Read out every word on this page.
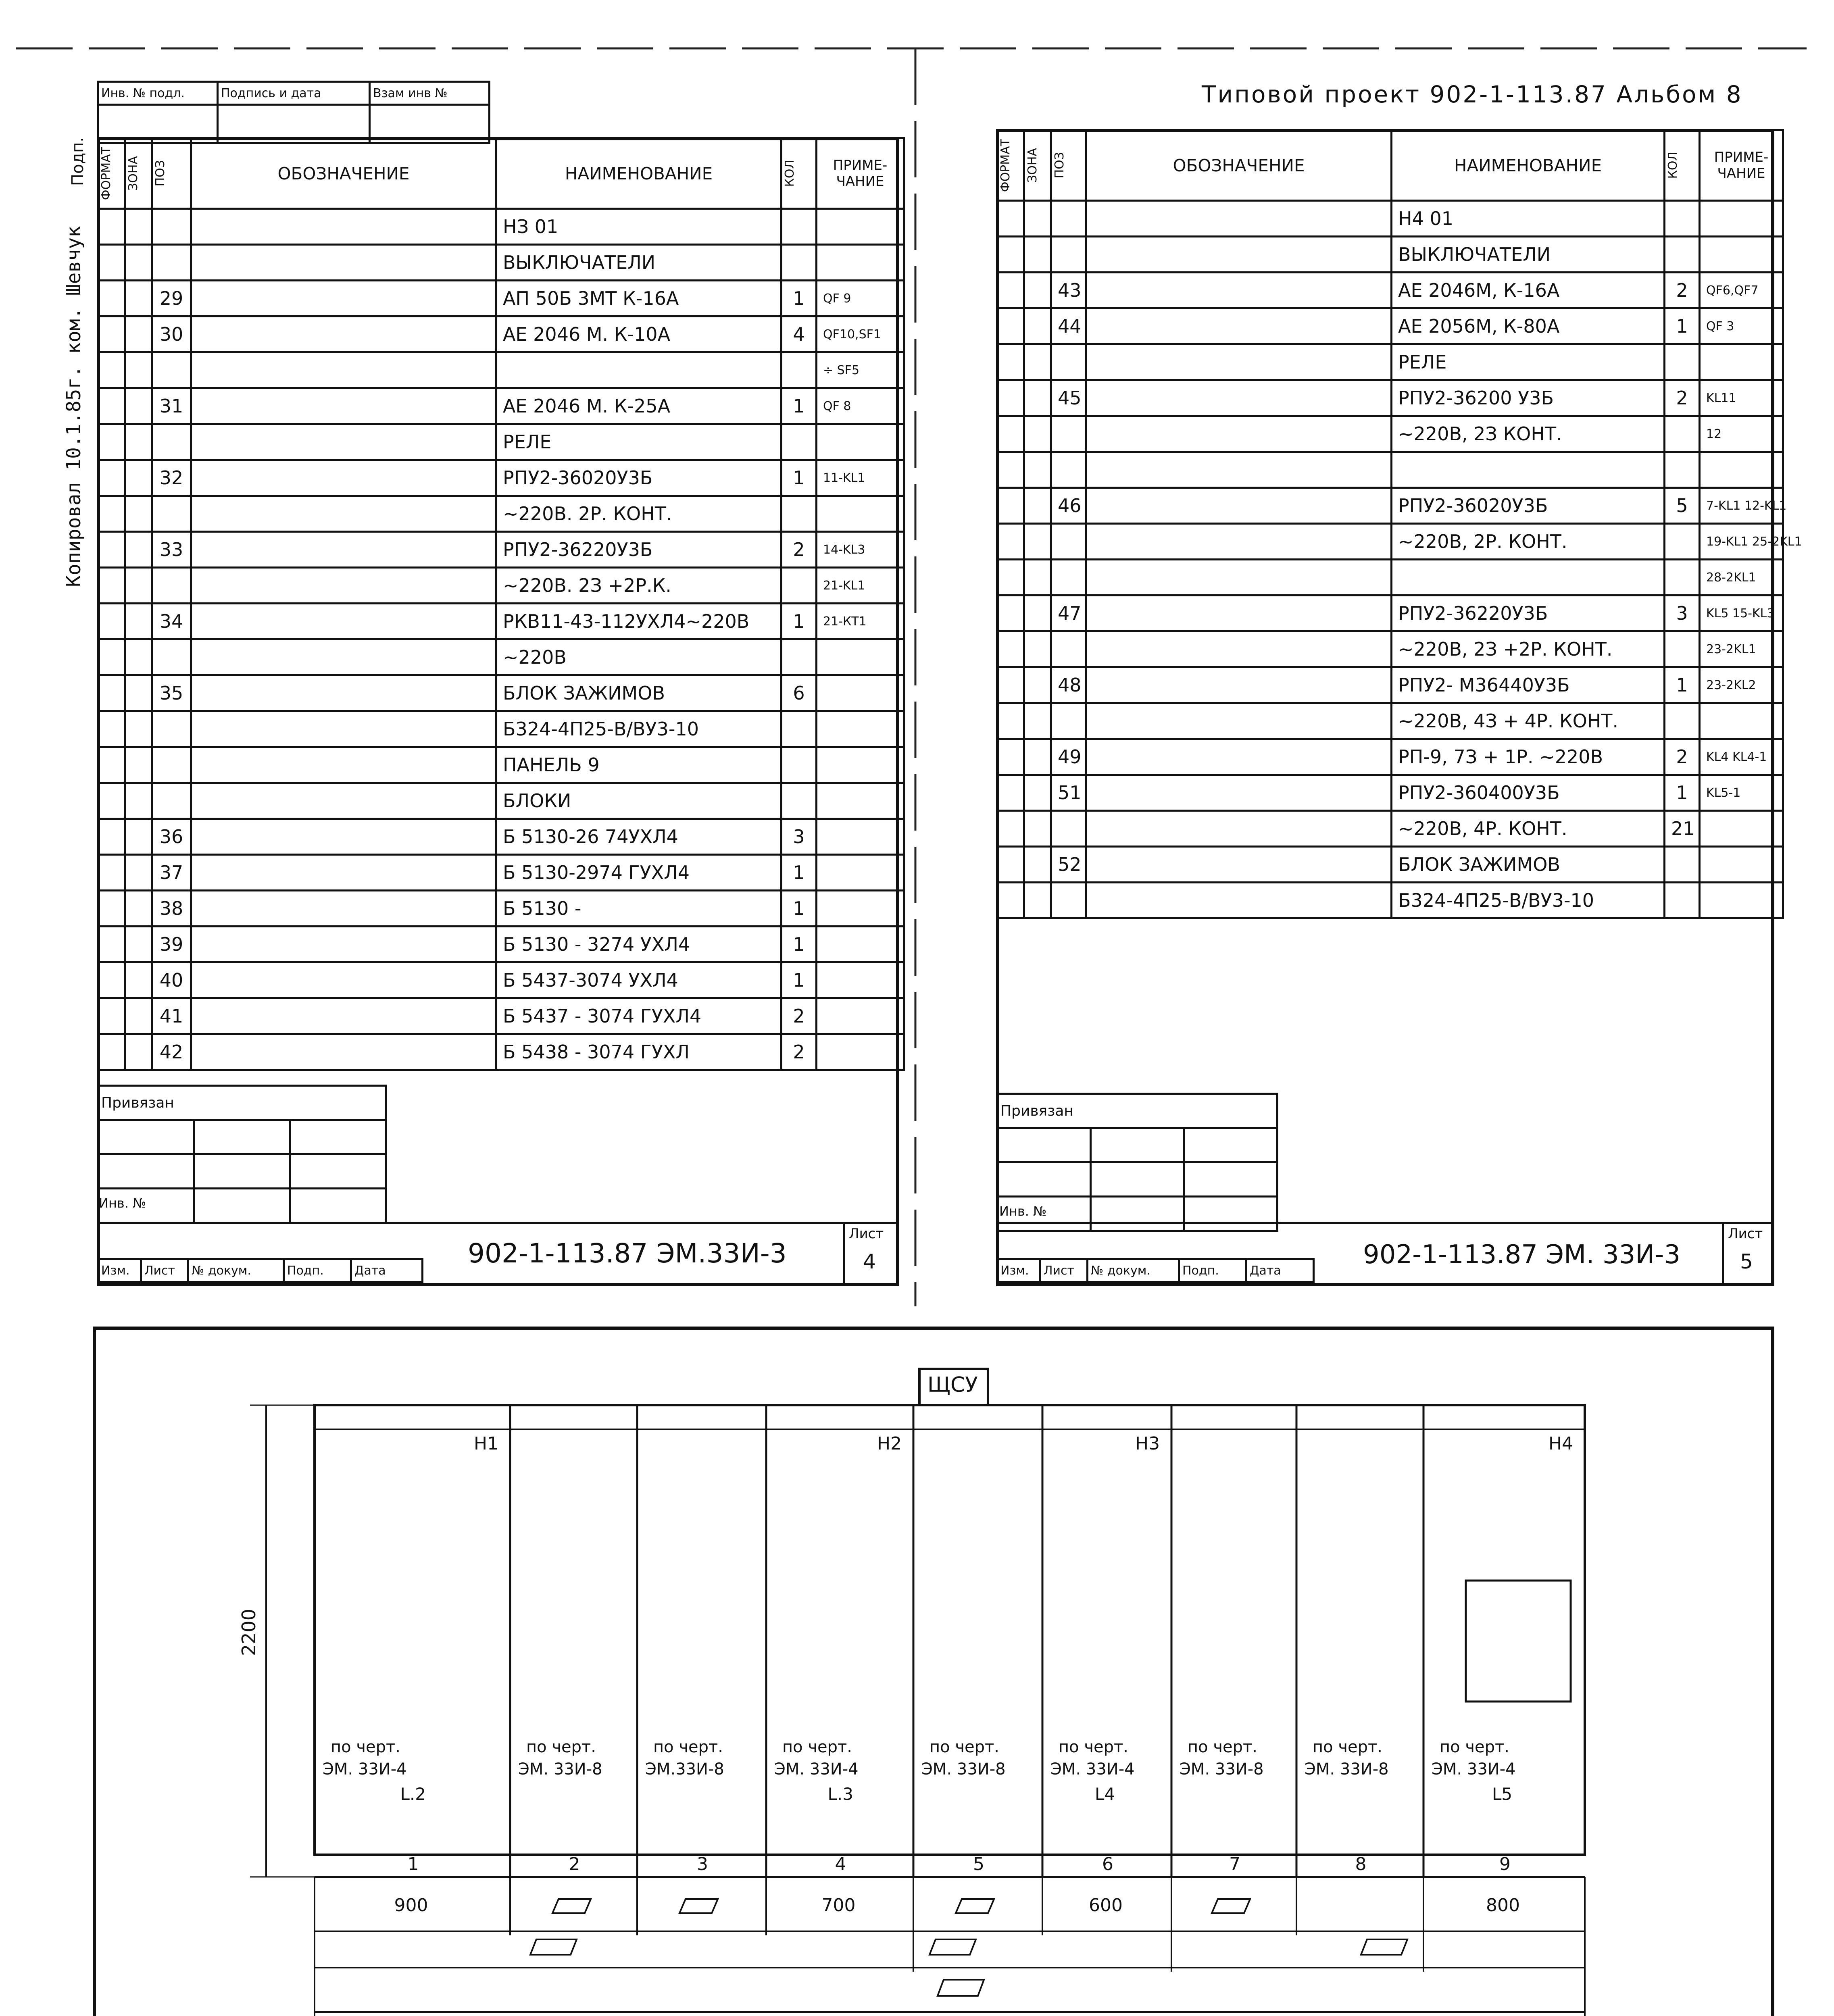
Инв. № подл.	Подпись и дата	Взам инв №

Подп.
Копировал 10.1.85г. ком. Шевчук
ФОРМАТ	ЗОНА	ПОЗ	ОБОЗНАЧЕНИЕ	НАИМЕНОВАНИЕ	КОЛ	ПРИМЕ-ЧАНИЕ
				НЗ 01		
				ВЫКЛЮЧАТЕЛИ		
		29		АП 50Б 3МТ К-16А	1	QF 9
		30		АЕ 2046 М. К-10А	4	QF10,SF1
						÷ SF5
		31		АЕ 2046 М. К-25А	1	QF 8
				РЕЛЕ		
		32		РПУ2-36020У3Б	1	11-KL1
				~220В. 2Р. КОНТ.		
		33		РПУ2-36220У3Б	2	14-KL3
				~220В. 2З +2Р.К.		21-KL1
		34		РКВ11-43-112УХЛ4~220В	1	21-КТ1
				~220В		
		35		БЛОК ЗАЖИМОВ	6	
				Б324-4П25-В/ВУ3-10		
				ПАНЕЛЬ 9		
				БЛОКИ		
		36		Б 5130-26 74УХЛ4	3	
		37		Б 5130-2974 ГУХЛ4	1	
		38		Б 5130 -	1	
		39		Б 5130 - 3274 УХЛ4	1	
		40		Б 5437-3074 УХЛ4	1	
		41		Б 5437 - 3074 ГУХЛ4	2	
		42		Б 5438 - 3074 ГУХЛ	2	
Привязан		

Инв. №
Изм.	Лист	№ докум.	Подп.	Дата
902-1-113.87 ЭМ.33И-3
Лист
4
Типовой проект 902-1-113.87 Альбом 8
ФОРМАТ	ЗОНА	ПОЗ	ОБОЗНАЧЕНИЕ	НАИМЕНОВАНИЕ	КОЛ	ПРИМЕ-ЧАНИЕ
				Н4 01		
				ВЫКЛЮЧАТЕЛИ		
		43		АЕ 2046М, К-16А	2	QF6,QF7
		44		АЕ 2056М, К-80А	1	QF 3
				РЕЛЕ		
		45		РПУ2-36200 У3Б	2	KL11
				~220В, 2З КОНТ.		12

		46		РПУ2-36020У3Б	5	7-KL1 12-KL1
				~220В, 2Р. КОНТ.		19-KL1 25-2KL1
						28-2KL1
		47		РПУ2-36220У3Б	3	KL5 15-KL3
				~220В, 2З +2Р. КОНТ.		23-2KL1
		48		РПУ2- М36440У3Б	1	23-2KL2
				~220В, 4З + 4Р. КОНТ.		
		49		РП-9, 7З + 1Р. ~220В	2	KL4 KL4-1
		51		РПУ2-360400У3Б	1	KL5-1
				~220В, 4Р. КОНТ.	21	
		52		БЛОК ЗАЖИМОВ		
				Б324-4П25-В/ВУ3-10		
Привязан		

Инв. №
Изм.	Лист	№ докум.	Подп.	Дата
902-1-113.87 ЭМ. 33И-3
Лист
5
ЩСУ
2200
Н1
по черт.
ЭМ. 33И-4
L.2
1
900
по черт.
ЭМ. 33И-8
2
по черт.
ЭМ.33И-8
3
Н2
по черт.
ЭМ. 33И-4
L.3
4
700
по черт.
ЭМ. 33И-8
5
Н3
по черт.
ЭМ. 33И-4
L4
6
600
по черт.
ЭМ. 33И-8
7
по черт.
ЭМ. 33И-8
8
Н4
по черт.
ЭМ. 33И-4
L5
9
800
